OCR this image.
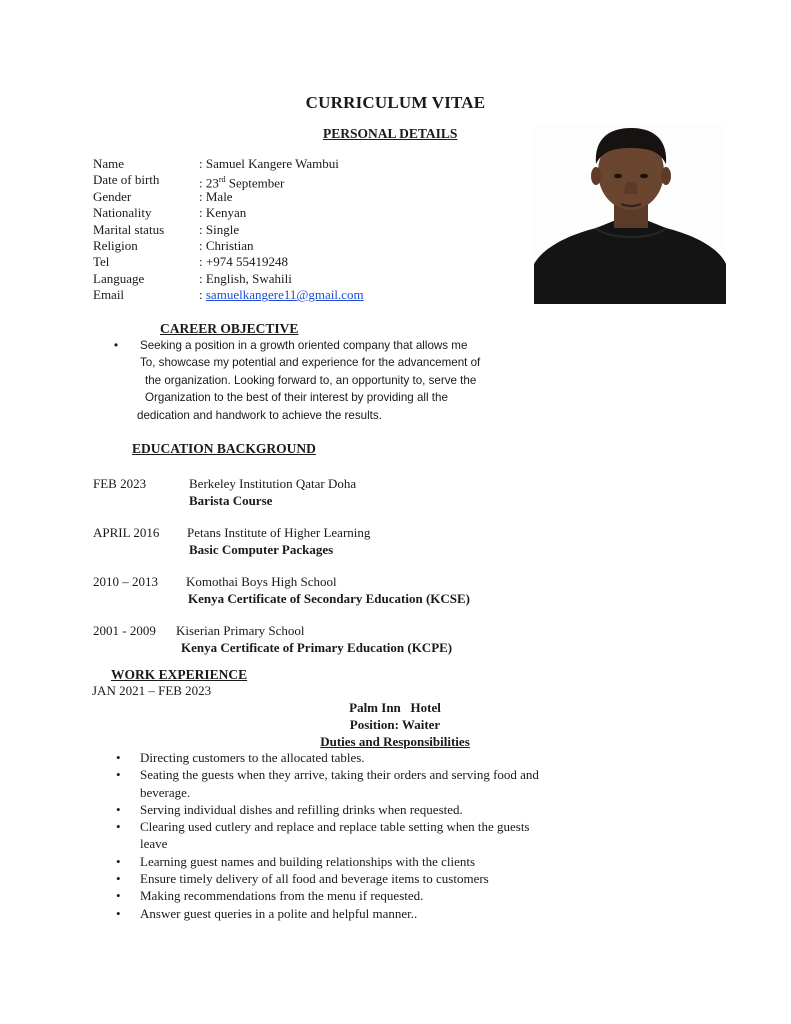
CURRICULUM VITAE
PERSONAL DETAILS
Name	: Samuel Kangere Wambui
Date of birth	: 23rd September
Gender	: Male
Nationality	: Kenyan
Marital status	: Single
Religion	: Christian
Tel	: +974 55419248
Language	: English, Swahili
Email	: samuelkangere11@gmail.com
CAREER OBJECTIVE
•	Seeking a position in a growth oriented company that allows me
To, showcase my potential and experience for the advancement of
the organization. Looking forward to, an opportunity to, serve the
Organization to the best of their interest by providing all the
dedication and handwork to achieve the results.
EDUCATION BACKGROUND
FEB 2023	Berkeley Institution Qatar Doha
Barista Course
APRIL 2016 Petans Institute of Higher Learning
Basic Computer Packages
2010 – 2013 Komothai Boys High School
Kenya Certificate of Secondary Education (KCSE)
2001 - 2009 Kiserian Primary School
Kenya Certificate of Primary Education (KCPE)
WORK EXPERIENCE
JAN 2021 – FEB 2023
Palm Inn   Hotel
Position: Waiter
Duties and Responsibilities
• Directing customers to the allocated tables.
• Seating the guests when they arrive, taking their orders and serving food and beverage.
• Serving individual dishes and refilling drinks when requested.
• Clearing used cutlery and replace and replace table setting when the guests leave
• Learning guest names and building relationships with the clients
• Ensure timely delivery of all food and beverage items to customers
• Making recommendations from the menu if requested.
• Answer guest queries in a polite and helpful manner..
